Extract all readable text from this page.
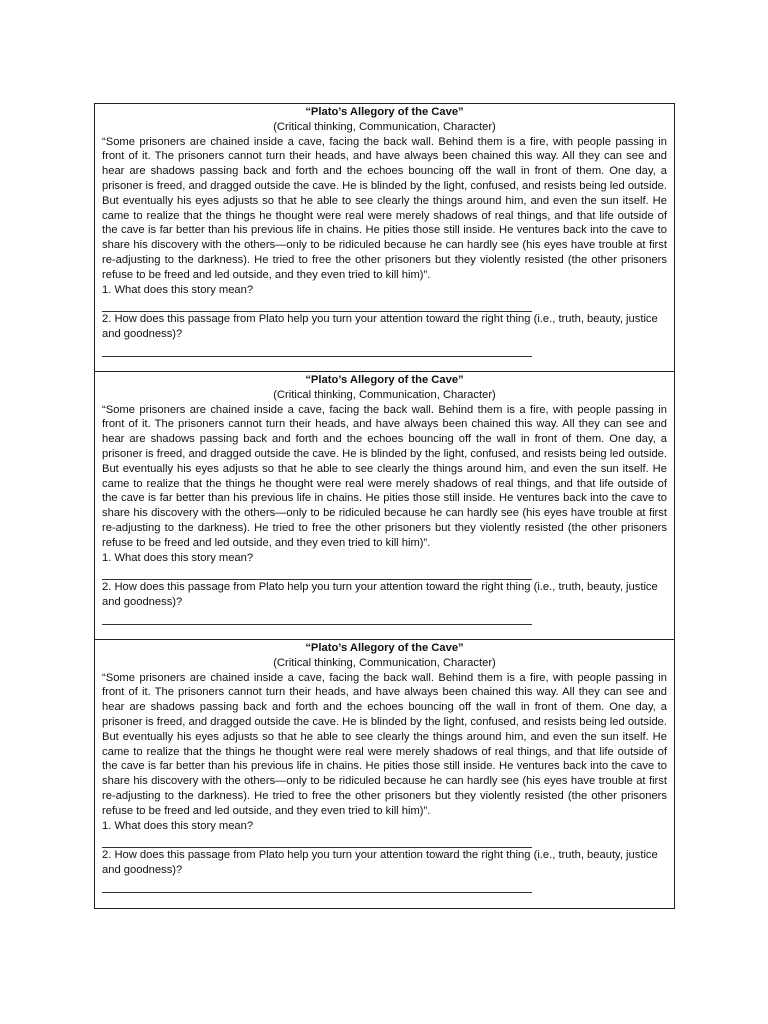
“Plato’s Allegory of the Cave”

(Critical thinking, Communication, Character)

“Some prisoners are chained inside a cave, facing the back wall. Behind them is a fire, with people passing in front of it. The prisoners cannot turn their heads, and have always been chained this way. All they can see and hear are shadows passing back and forth and the echoes bouncing off the wall in front of them. One day, a prisoner is freed, and dragged outside the cave. He is blinded by the light, confused, and resists being led outside. But eventually his eyes adjusts so that he able to see clearly the things around him, and even the sun itself. He came to realize that the things he thought were real were merely shadows of real things, and that life outside of the cave is far better than his previous life in chains. He pities those still inside. He ventures back into the cave to share his discovery with the others—only to be ridiculed because he can hardly see (his eyes have trouble at first re-adjusting to the darkness). He tried to free the other prisoners but they violently resisted (the other prisoners refuse to be freed and led outside, and they even tried to kill him)”.

1. What does this story mean?

2. How does this passage from Plato help you turn your attention toward the right thing (i.e., truth, beauty, justice and goodness)?

“Plato’s Allegory of the Cave”

(Critical thinking, Communication, Character)

“Some prisoners are chained inside a cave, facing the back wall. Behind them is a fire, with people passing in front of it. The prisoners cannot turn their heads, and have always been chained this way. All they can see and hear are shadows passing back and forth and the echoes bouncing off the wall in front of them. One day, a prisoner is freed, and dragged outside the cave. He is blinded by the light, confused, and resists being led outside. But eventually his eyes adjusts so that he able to see clearly the things around him, and even the sun itself. He came to realize that the things he thought were real were merely shadows of real things, and that life outside of the cave is far better than his previous life in chains. He pities those still inside. He ventures back into the cave to share his discovery with the others—only to be ridiculed because he can hardly see (his eyes have trouble at first re-adjusting to the darkness). He tried to free the other prisoners but they violently resisted (the other prisoners refuse to be freed and led outside, and they even tried to kill him)”.

1. What does this story mean?

2. How does this passage from Plato help you turn your attention toward the right thing (i.e., truth, beauty, justice and goodness)?

“Plato’s Allegory of the Cave”

(Critical thinking, Communication, Character)

“Some prisoners are chained inside a cave, facing the back wall. Behind them is a fire, with people passing in front of it. The prisoners cannot turn their heads, and have always been chained this way. All they can see and hear are shadows passing back and forth and the echoes bouncing off the wall in front of them. One day, a prisoner is freed, and dragged outside the cave. He is blinded by the light, confused, and resists being led outside. But eventually his eyes adjusts so that he able to see clearly the things around him, and even the sun itself. He came to realize that the things he thought were real were merely shadows of real things, and that life outside of the cave is far better than his previous life in chains. He pities those still inside. He ventures back into the cave to share his discovery with the others—only to be ridiculed because he can hardly see (his eyes have trouble at first re-adjusting to the darkness). He tried to free the other prisoners but they violently resisted (the other prisoners refuse to be freed and led outside, and they even tried to kill him)”.

1. What does this story mean?

2. How does this passage from Plato help you turn your attention toward the right thing (i.e., truth, beauty, justice and goodness)?
